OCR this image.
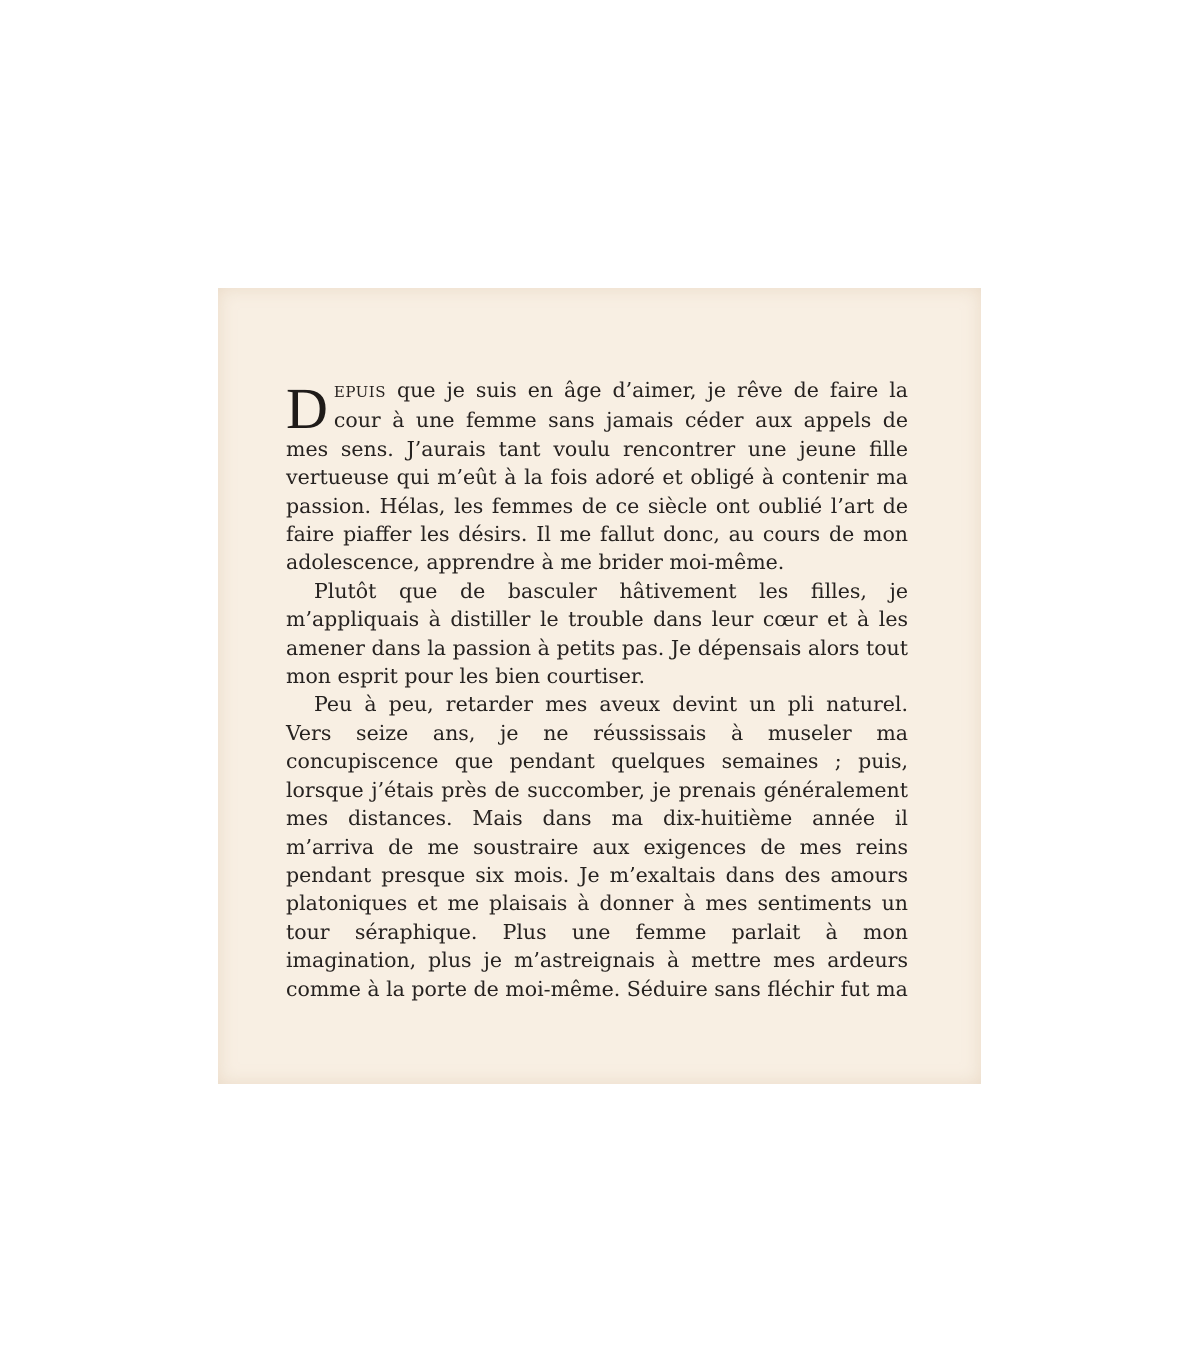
DEPUIS que je suis en âge d’aimer, je rêve de faire la cour à une femme sans jamais céder aux appels de mes sens. J’aurais tant voulu rencontrer une jeune fille vertueuse qui m’eût à la fois adoré et obligé à contenir ma passion. Hélas, les femmes de ce siècle ont oublié l’art de faire piaffer les désirs. Il me fallut donc, au cours de mon adolescence, apprendre à me brider moi-même.

Plutôt que de basculer hâtivement les filles, je m’appliquais à distiller le trouble dans leur cœur et à les amener dans la passion à petits pas. Je dépensais alors tout mon esprit pour les bien courtiser.

Peu à peu, retarder mes aveux devint un pli naturel. Vers seize ans, je ne réussissais à museler ma concupiscence que pendant quelques semaines ; puis, lorsque j’étais près de succomber, je prenais généralement mes distances. Mais dans ma dix-huitième année il m’arriva de me soustraire aux exigences de mes reins pendant presque six mois. Je m’exaltais dans des amours platoniques et me plaisais à donner à mes sentiments un tour séraphique. Plus une femme parlait à mon imagination, plus je m’astreignais à mettre mes ardeurs comme à la porte de moi-même. Séduire sans fléchir fut ma
